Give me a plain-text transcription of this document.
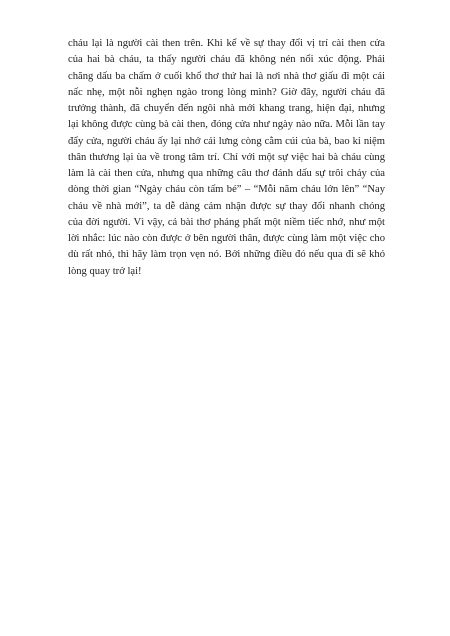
cháu lại là người cài then trên. Khi kể về sự thay đổi vị trí cài then cửa
của hai bà cháu, ta thấy người cháu đã không nén nổi xúc động. Phải
chăng dấu ba chấm ở cuối khổ thơ thứ hai là nơi nhà thơ giấu đi một cái
nấc nhẹ, một nỗi nghẹn ngào trong lòng mình? Giờ đây, người cháu đã
trưởng thành, đã chuyển đến ngôi nhà mới khang trang, hiện đại, nhưng
lại không được cùng bà cài then, đóng cửa như ngày nào nữa. Mỗi lần tay
đẩy cửa, người cháu ấy lại nhớ cái lưng còng cằm cúi của bà, bao kỉ niệm
thân thương lại ùa về trong tâm trí. Chỉ với một sự việc hai bà cháu cùng
làm là cài then cửa, nhưng qua những câu thơ đánh dấu sự trôi chảy của
dòng thời gian “Ngày cháu còn tấm bé” – “Mỗi năm cháu lớn lên” “Nay
cháu về nhà mới”, ta dễ dàng cảm nhận được sự thay đổi nhanh chóng
của đời người. Vì vậy, cả bài thơ phảng phất một niềm tiếc nhớ, như một
lời nhắc: lúc nào còn được ở bên người thân, được cùng làm một việc cho
dù rất nhỏ, thì hãy làm trọn vẹn nó. Bởi những điều đó nếu qua đi sẽ khó
lòng quay trở lại!
